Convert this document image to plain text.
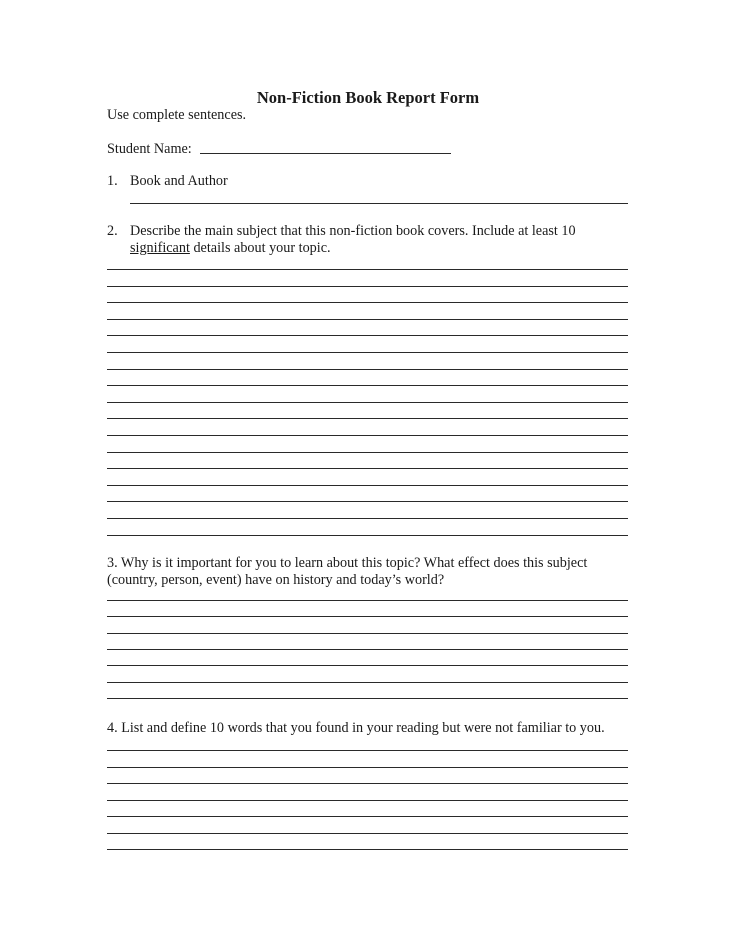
Non-Fiction Book Report Form
Use complete sentences.
Student Name:
1. Book and Author
2. Describe the main subject that this non-fiction book covers. Include at least 10
significant details about your topic.
3. Why is it important for you to learn about this topic? What effect does this subject
(country, person, event) have on history and today’s world?
4. List and define 10 words that you found in your reading but were not familiar to you.
